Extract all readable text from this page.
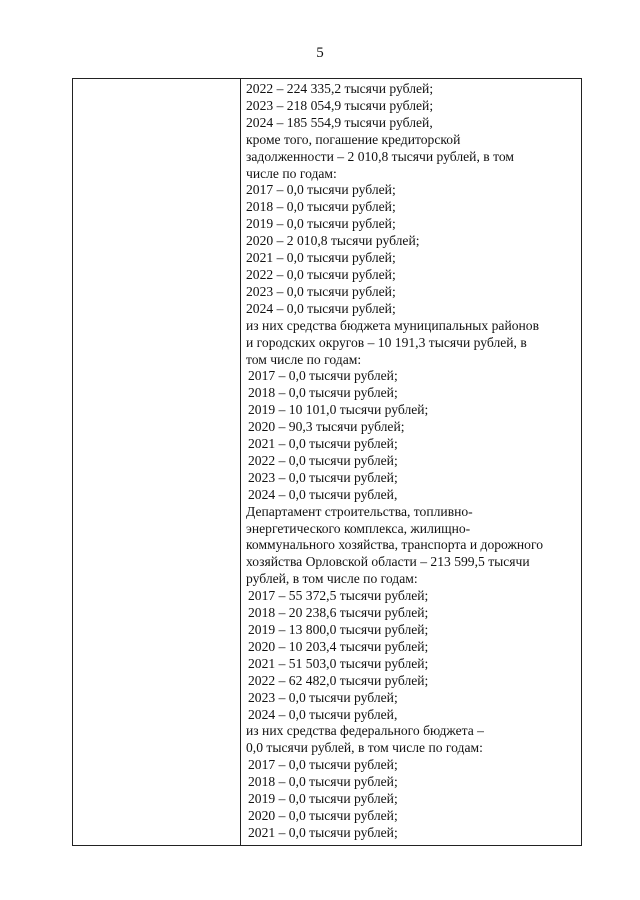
5
2022 – 224 335,2 тысячи рублей;
2023 – 218 054,9 тысячи рублей;
2024 – 185 554,9 тысячи рублей,
кроме того, погашение кредиторской
задолженности – 2 010,8 тысячи рублей, в том
числе по годам:
2017 – 0,0 тысячи рублей;
2018 – 0,0 тысячи рублей;
2019 – 0,0 тысячи рублей;
2020 – 2 010,8 тысячи рублей;
2021 – 0,0 тысячи рублей;
2022 – 0,0 тысячи рублей;
2023 – 0,0 тысячи рублей;
2024 – 0,0 тысячи рублей;
из них средства бюджета муниципальных районов
и городских округов – 10 191,3 тысячи рублей, в
том числе по годам:
2017 – 0,0 тысячи рублей;
2018 – 0,0 тысячи рублей;
2019 – 10 101,0 тысячи рублей;
2020 – 90,3 тысячи рублей;
2021 – 0,0 тысячи рублей;
2022 – 0,0 тысячи рублей;
2023 – 0,0 тысячи рублей;
2024 – 0,0 тысячи рублей,
Департамент строительства, топливно-
энергетического комплекса, жилищно-
коммунального хозяйства, транспорта и дорожного
хозяйства Орловской области – 213 599,5 тысячи
рублей, в том числе по годам:
2017 – 55 372,5 тысячи рублей;
2018 – 20 238,6 тысячи рублей;
2019 – 13 800,0 тысячи рублей;
2020 – 10 203,4 тысячи рублей;
2021 – 51 503,0 тысячи рублей;
2022 – 62 482,0 тысячи рублей;
2023 – 0,0 тысячи рублей;
2024 – 0,0 тысячи рублей,
из них средства федерального бюджета –
0,0 тысячи рублей, в том числе по годам:
2017 – 0,0 тысячи рублей;
2018 – 0,0 тысячи рублей;
2019 – 0,0 тысячи рублей;
2020 – 0,0 тысячи рублей;
2021 – 0,0 тысячи рублей;
